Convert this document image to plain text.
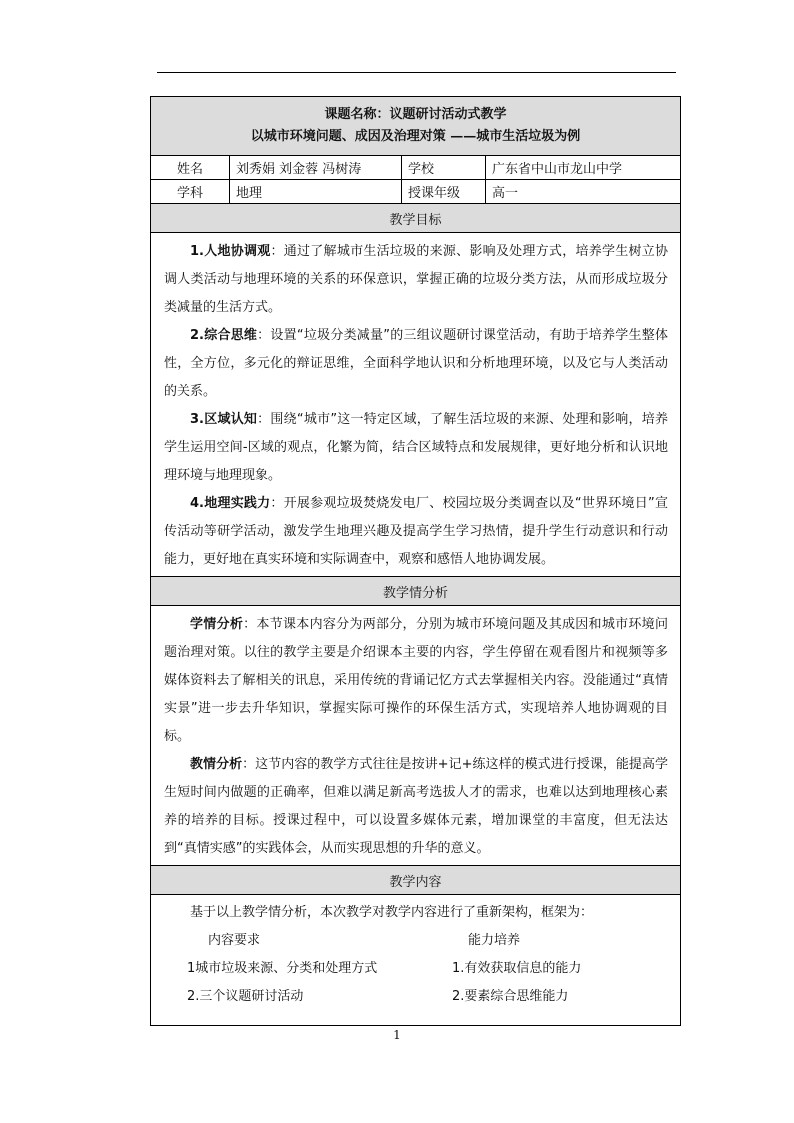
课题名称：议题研讨活动式教学
以城市环境问题、成因及治理对策 ——城市生活垃圾为例
姓名	刘秀娟 刘金蓉 冯树涛	学校	广东省中山市龙山中学
学科	地理	授课年级	高一
教学目标

1.人地协调观：通过了解城市生活垃圾的来源、影响及处理方式，培养学生树立协调人类活动与地理环境的关系的环保意识，掌握正确的垃圾分类方法，从而形成垃圾分类减量的生活方式。

2.综合思维：设置“垃圾分类减量”的三组议题研讨课堂活动，有助于培养学生整体性，全方位，多元化的辩证思维，全面科学地认识和分析地理环境，以及它与人类活动的关系。

3.区域认知：围绕“城市”这一特定区域，了解生活垃圾的来源、处理和影响，培养学生运用空间-区域的观点，化繁为简，结合区域特点和发展规律，更好地分析和认识地理环境与地理现象。

4.地理实践力：开展参观垃圾焚烧发电厂、校园垃圾分类调查以及“世界环境日”宣传活动等研学活动，激发学生地理兴趣及提高学生学习热情，提升学生行动意识和行动能力，更好地在真实环境和实际调查中，观察和感悟人地协调发展。

教学情分析

学情分析：本节课本内容分为两部分，分别为城市环境问题及其成因和城市环境问题治理对策。以往的教学主要是介绍课本主要的内容，学生停留在观看图片和视频等多媒体资料去了解相关的讯息，采用传统的背诵记忆方式去掌握相关内容。没能通过“真情实景”进一步去升华知识，掌握实际可操作的环保生活方式，实现培养人地协调观的目标。

教情分析：这节内容的教学方式往往是按讲+记+练这样的模式进行授课，能提高学生短时间内做题的正确率，但难以满足新高考选拔人才的需求，也难以达到地理核心素养的培养的目标。授课过程中，可以设置多媒体元素，增加课堂的丰富度，但无法达到“真情实感”的实践体会，从而实现思想的升华的意义。

教学内容

基于以上教学情分析，本次教学对教学内容进行了重新架构，框架为：

内容要求	能力培养
1城市垃圾来源、分类和处理方式	1.有效获取信息的能力
2.三个议题研讨活动	2.要素综合思维能力
1
